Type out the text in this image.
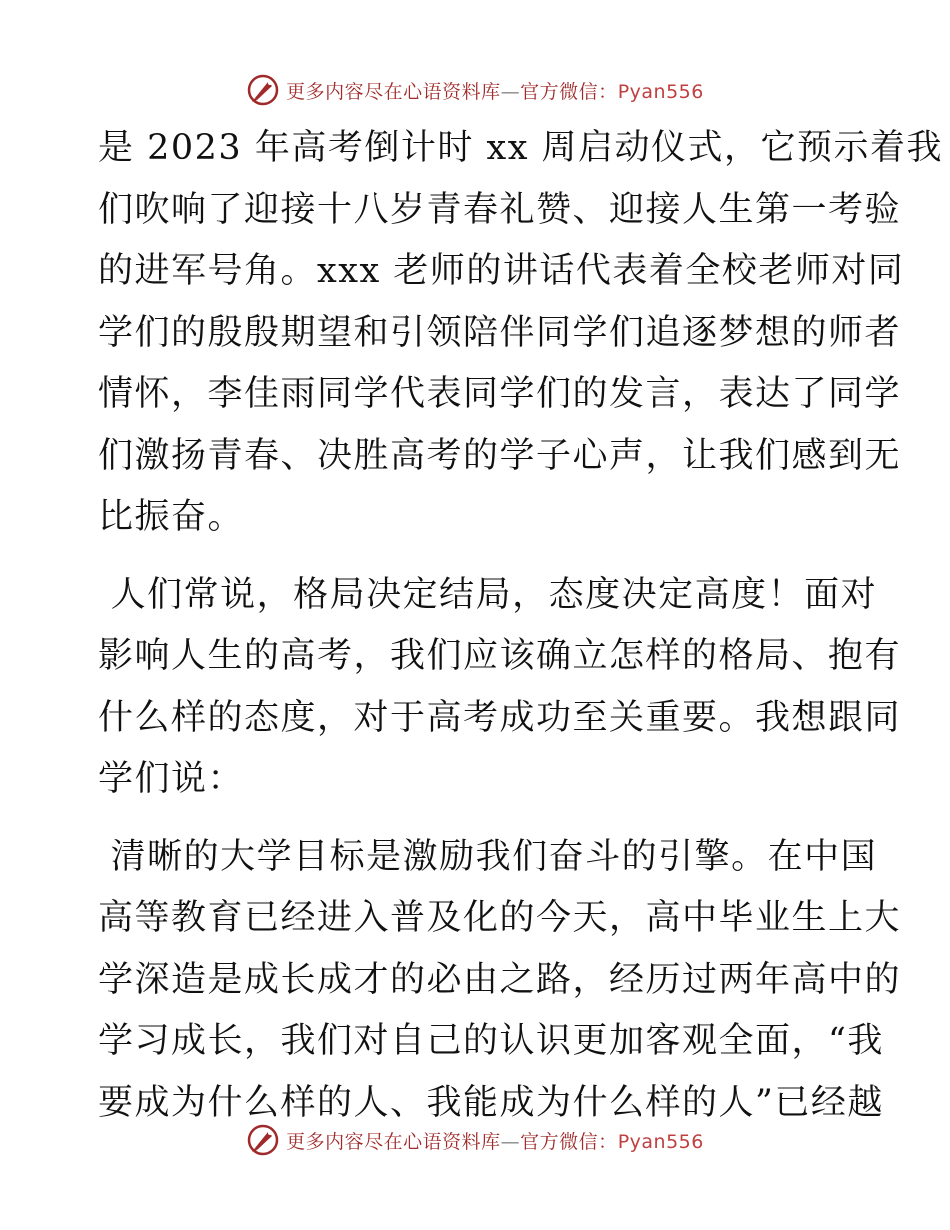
更多内容尽在心语资料库—官方微信：Pyan556

是 2023 年高考倒计时 xx 周启动仪式，它预示着我
们吹响了迎接十八岁青春礼赞、迎接人生第一考验
的进军号角。xxx 老师的讲话代表着全校老师对同
学们的殷殷期望和引领陪伴同学们追逐梦想的师者
情怀，李佳雨同学代表同学们的发言，表达了同学
们激扬青春、决胜高考的学子心声，让我们感到无
比振奋。

人们常说，格局决定结局，态度决定高度！面对
影响人生的高考，我们应该确立怎样的格局、抱有
什么样的态度，对于高考成功至关重要。我想跟同
学们说：

清晰的大学目标是激励我们奋斗的引擎。在中国
高等教育已经进入普及化的今天，高中毕业生上大
学深造是成长成才的必由之路，经历过两年高中的
学习成长，我们对自己的认识更加客观全面，“我
要成为什么样的人、我能成为什么样的人”已经越

更多内容尽在心语资料库—官方微信：Pyan556
